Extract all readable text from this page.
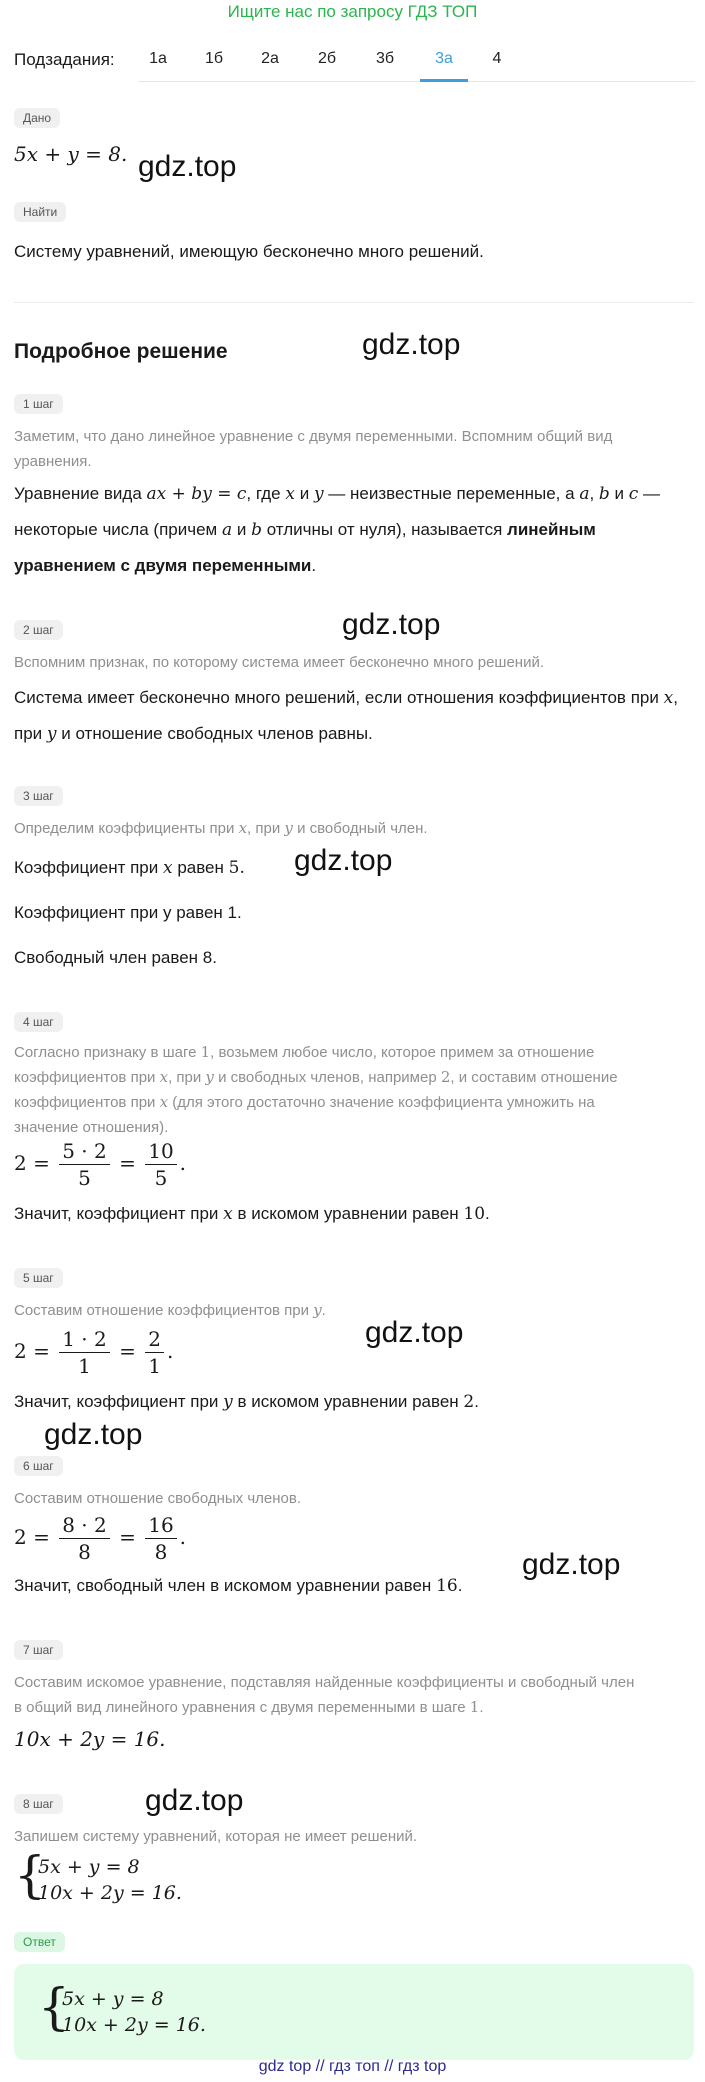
Ищите нас по запросу ГДЗ ТОП
Подзадания:	1а	1б	2а	2б	3б	3а	4
Дано
5x + y = 8.
Найти
Систему уравнений, имеющую бесконечно много решений.
Подробное решение
1 шаг
Заметим, что дано линейное уравнение с двумя переменными. Вспомним общий вид уравнения.
Уравнение вида ax + by = c, где x и y — неизвестные переменные, а a, b и c — некоторые числа (причем a и b отличны от нуля), называется линейным уравнением с двумя переменными.
2 шаг
Вспомним признак, по которому система имеет бесконечно много решений.
Система имеет бесконечно много решений, если отношения коэффициентов при x, при y и отношение свободных членов равны.
3 шаг
Определим коэффициенты при x, при y и свободный член.
Коэффициент при x равен 5.
Коэффициент при y равен 1.
Свободный член равен 8.
4 шаг
Согласно признаку в шаге 1, возьмем любое число, которое примем за отношение
коэффициентов при x, при y и свободных членов, например 2, и составим отношение
коэффициентов при x (для этого достаточно значение коэффициента умножить на
значение отношения).
$2 = \frac{5 \cdot 2}{5} = \frac{10}{5}$ .
Значит, коэффициент при x в искомом уравнении равен 10.
5 шаг
Составим отношение коэффициентов при y.
$2 = \frac{1 \cdot 2}{1} = \frac{2}{1}$ .
Значит, коэффициент при y в искомом уравнении равен 2.
6 шаг
Составим отношение свободных членов.
$2 = \frac{8 \cdot 2}{8} = \frac{16}{8}$ .
Значит, свободный член в искомом уравнении равен 16.
7 шаг
Составим искомое уравнение, подставляя найденные коэффициенты и свободный член
в общий вид линейного уравнения с двумя переменными в шаге 1.
10x + 2y = 16.
8 шаг
Запишем систему уравнений, которая не имеет решений.
{
5x + y = 8
10x + 2y = 16.
Ответ
{
5x + y = 8
10x + 2y = 16.
gdz.top
gdz.top
gdz.top
gdz.top
gdz.top
gdz.top
gdz.top
gdz.top
gdz top // гдз топ // гдз top
